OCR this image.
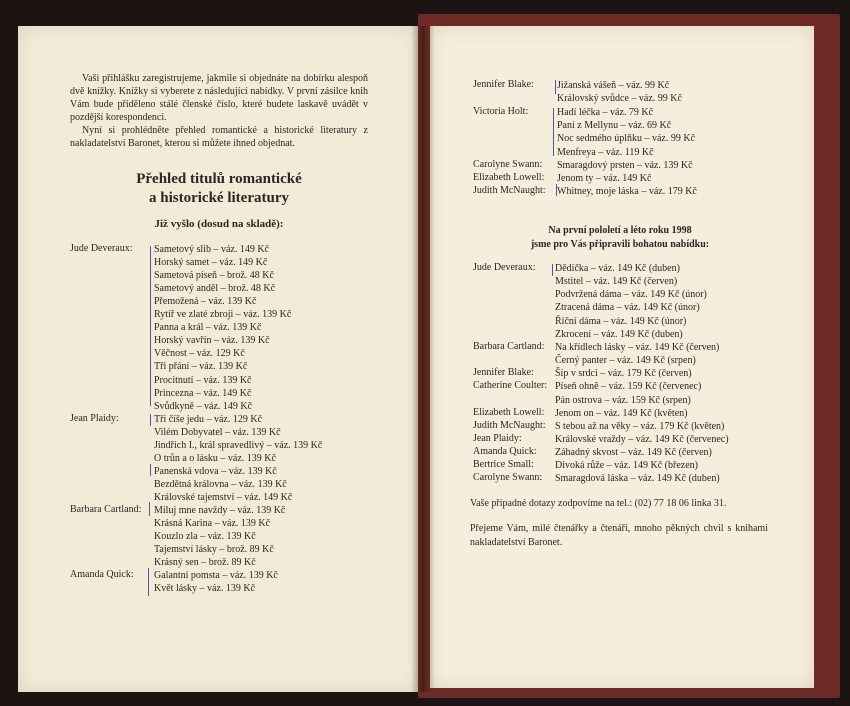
Vaši přihlášku zaregistrujeme, jakmile si objednáte na dobírku alespoň dvě knížky. Knížky si vyberete z následující nabídky. V první zásilce knih Vám bude přiděleno stálé členské číslo, které budete laskavě uvádět v pozdější korespondenci.

Nyní si prohlédněte přehled romantické a historické literatury z nakladatelství Baronet, kterou si můžete ihned objednat.

Přehled titulů romantické
a historické literatury
Již vyšlo (dosud na skladě):
Jude Deveraux: Sametový slib – váz. 149 Kč
Horský samet – váz. 149 Kč
Sametová píseň – brož. 48 Kč
Sametový anděl – brož. 48 Kč
Přemožená – váz. 139 Kč
Rytíř ve zlaté zbroji – váz. 139 Kč
Panna a král – váz. 139 Kč
Horský vavřín – váz. 139 Kč
Věčnost – váz. 129 Kč
Tři přání – váz. 139 Kč
Procitnutí – váz. 139 Kč
Princezna – váz. 149 Kč
Svůdkyně – váz. 149 Kč
Jean Plaidy:	Tři číše jedu – váz. 129 Kč
Vilém Dobyvatel – váz. 139 Kč
Jindřich I., král spravedlivý – váz. 139 Kč
O trůn a o lásku – váz. 139 Kč
Panenská vdova – váz. 139 Kč
Bezdětná královna – váz. 139 Kč
Královské tajemství – váz. 149 Kč
Barbara Cartland: Miluj mne navždy – váz. 139 Kč
Krásná Karina – váz. 139 Kč
Kouzlo zla – váz. 139 Kč
Tajemství lásky – brož. 89 Kč
Krásný sen – brož. 89 Kč
Amanda Quick: Galantní pomsta – váz. 139 Kč
Květ lásky – váz. 139 Kč
Jennifer Blake: Jižanská vášeň – váz. 99 Kč
Královský svůdce – váz. 99 Kč
Victoria Holt:	Hadí léčka – váz. 79 Kč
Paní z Mellynu – váz. 69 Kč
Noc sedmého úplňku – váz. 99 Kč
Menfreya – váz. 119 Kč
Carolyne Swann: Smaragdový prsten – váz. 139 Kč
Elizabeth Lowell: Jenom ty – váz. 149 Kč
Judith McNaught: Whitney, moje láska – váz. 179 Kč
Na první pololetí a léto roku 1998
jsme pro Vás připravili bohatou nabídku:
Jude Deveraux: Dědička – váz. 149 Kč (duben)
Mstitel – váz. 149 Kč (červen)
Podvržená dáma – váz. 149 Kč (únor)
Ztracená dáma – váz. 149 Kč (únor)
Říční dáma – váz. 149 Kč (únor)
Zkrocení – váz. 149 Kč (duben)
Barbara Cartland: Na křídlech lásky – váz. 149 Kč (červen)
Černý panter – váz. 149 Kč (srpen)
Jennifer Blake: Šíp v srdci – váz. 179 Kč (červen)
Catherine Coulter: Píseň ohně – váz. 159 Kč (červenec)
Pán ostrova – váz. 159 Kč (srpen)
Elizabeth Lowell: Jenom on – váz. 149 Kč (květen)
Judith McNaught: S tebou až na věky – váz. 179 Kč (květen)
Jean Plaidy:	Královské vraždy – váz. 149 Kč (červenec)
Amanda Quick: Záhadný skvost – váz. 149 Kč (červen)
Bertrice Small: Divoká růže – váz. 149 Kč (březen)
Carolyne Swann: Smaragdová láska – váz. 149 Kč (duben)

Vaše případné dotazy zodpovíme na tel.: (02) 77 18 06 linka 31.

Přejeme Vám, milé čtenářky a čtenáři, mnoho pěkných chvil s knihami nakladatelství Baronet.
